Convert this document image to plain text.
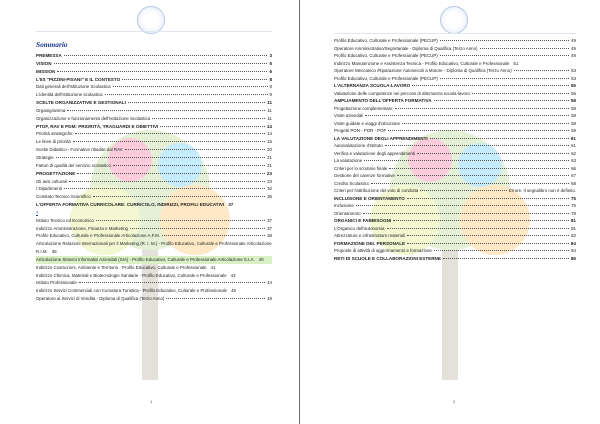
Sommario
PREMESSA	3
VISION	5
MISSION	6
L'IIS "PIZZINI-PISANI" E IL CONTESTO	8
Dati generali dell'Istituzione Scolastica	8
L'identità dell'Istituzione scolastica	9
SCELTE ORGANIZZATIVE E GESTIONALI	11
Organigramma	11
Organizzazione e funzionamento dell'Istituzione Scolastica	11
PTOF, RAV E PDM: PRIORITÀ, TRAGUARDI E OBIETTIVI	14
Priorità strategiche	14
Le linee di priorità	15
Scelte Didattico - Formative ribadite dal RAV	20
Strategie	21
Fattori di qualità del servizio scolastico	21
PROGETTAZIONE	23
Gli assi culturali	23
I Dipartimenti	32
Comitato Tecnico Scientifico	36
L'OFFERTA FORMATIVA CURRICOLARE: CURRICOLO, INDIRIZZI, PROFILI EDUCATIVI 37
?
Istituto Tecnico ed Economico	37
Indirizzo Amministrazione, Finanza e Marketing	37
Profilo Educativo, Culturale e Professionale Articolazione A.F.M.	38
Articolazione Relazioni Internazionali per il Marketing (R. I. M.) - Profilo Educativo, Culturale e Professionale Articolazione R.I.M. 39
Articolazione Sistemi Informativi Aziendali (SIA) - Profilo Educativo, Culturale e Professionale Articolazione S.I.A. 40
Indirizzo Costruzioni, Ambiente e Territorio - Profilo Educativo, Culturale e Professionale 41
Indirizzo Chimica, Materiali e Biotecnologie Sanitarie - Profilo Educativo, Culturale e Professionale 43
Istituto Professionale	44
Indirizzo Servizi Commerciali con Curvatura Turistica - Profilo Educativo, Culturale e Professionale 46
Operatore ai Servizi di Vendita - Diploma di Qualifica (Terzo Anno)	48
1
Profilo Educativo, Culturale e Professionale (PECUP)	49
Operatore Amministrativo/Segretariale - Diploma di Qualifica (Terzo Anno)	49
Profilo Educativo, Culturale e Professionale (PECUP)	49
Indirizzo Manutenzione e Assistenza Tecnica - Profilo Educativo, Culturale e Professionale 51
Operatore Meccanico /Riparazione Autoveicoli a Motore - Diploma di Qualifica (Terzo Anno)	53
Profilo Educativo, Culturale e Professionale (PECUP)	53
L'ALTERNANZA SCUOLA-LAVORO	55
Valutazione delle competenze nei percorsi di alternanza scuola-lavoro	56
AMPLIAMENTO DELL'OFFERTA FORMATIVA	58
Progettazione complementare	58
Visite aziendali	58
Visite guidate e viaggi d'istruzione	58
Progetti PON - POR - POF	59
LA VALUTAZIONE DEGLI APPRENDIMENTI	61
Autovalutazione d'Istituto	61
Verifica e valutazione degli apprendimenti	62
La valutazione	63
Criteri per lo scrutinio finale	66
Gestione del carenze formative	67
Credito Scolastico	68
Criteri per l'attribuzione del voto di condotta	Errore. Il segnalibro non è definito.
INCLUSIONE E ORIENTAMENTO	75
Inclusione	75
Orientamento	78
ORGANICI E FABBISOGNI	81
L'Organico dell'autonomia	81
Attrezzature e infrastrutture materiali	82
FORMAZIONE DEL PERSONALE	84
Proposte di attività di aggiornamento e formazione	84
RETI DI SCUOLE E COLLABORAZIONI ESTERNE	86
2
